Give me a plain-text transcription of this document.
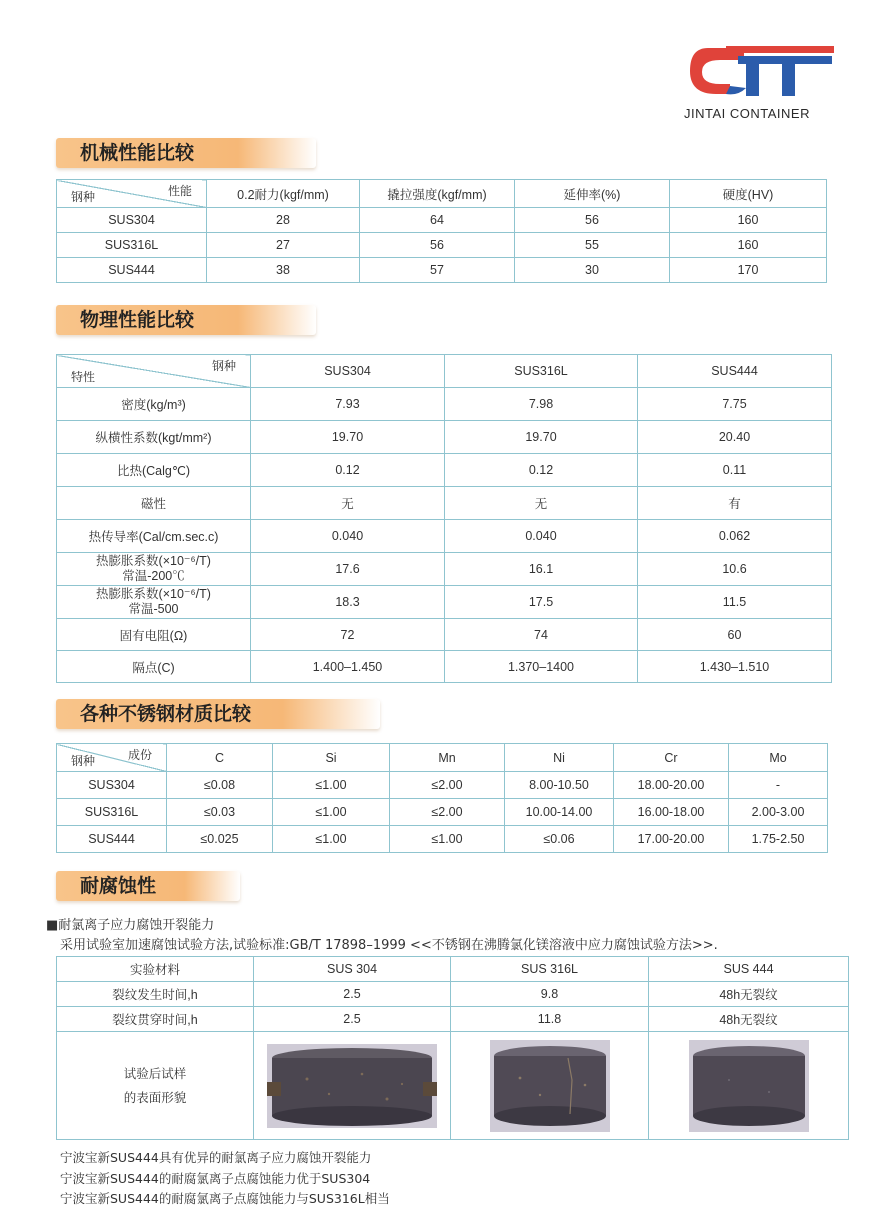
JINTAI CONTAINER
机械性能比较
性能
钢种	0.2耐力(kgf/mm)	撬拉强度(kgf/mm)	延伸率(%)	硬度(HV)
SUS304	28	64	56	160
SUS316L	27	56	55	160
SUS444	38	57	30	170
物理性能比较
钢种
特性	SUS304	SUS316L	SUS444
密度(kg/m³)	7.93	7.98	7.75
纵横性系数(kgt/mm²)	19.70	19.70	20.40
比热(Calg℃)	0.12	0.12	0.11
磁性	无	无	有
热传导率(Cal/cm.sec.c)	0.040	0.040	0.062

热膨胀系数(×10⁻⁶/T)
常温-200℃	17.6	16.1	10.6

热膨胀系数(×10⁻⁶/T)
常温-500	18.3	17.5	11.5
固有电阻(Ω)	72	74	60
隔点(C)	1.400–1.450	1.370–1400	1.430–1.510
各种不锈钢材质比较
成份
钢种	C	Si	Mn	Ni	Cr	Mo
SUS304	≤0.08	≤1.00	≤2.00	8.00-10.50	18.00-20.00	-
SUS316L	≤0.03	≤1.00	≤2.00	10.00-14.00	16.00-18.00	2.00-3.00
SUS444	≤0.025	≤1.00	≤1.00	≤0.06	17.00-20.00	1.75-2.50
耐腐蚀性
■耐氯离子应力腐蚀开裂能力
采用试验室加速腐蚀试验方法,试验标准:GB/T 17898–1999 <<不锈钢在沸腾氯化镁溶液中应力腐蚀试验方法>>.
实验材料	SUS 304	SUS 316L	SUS 444
裂纹发生时间,h	2.5	9.8	48h无裂纹
裂纹贯穿时间,h	2.5	11.8	48h无裂纹

试验后试样
的表面形貌

宁波宝新SUS444具有优异的耐氯离子应力腐蚀开裂能力
宁波宝新SUS444的耐腐氯离子点腐蚀能力优于SUS304
宁波宝新SUS444的耐腐氯离子点腐蚀能力与SUS316L相当
